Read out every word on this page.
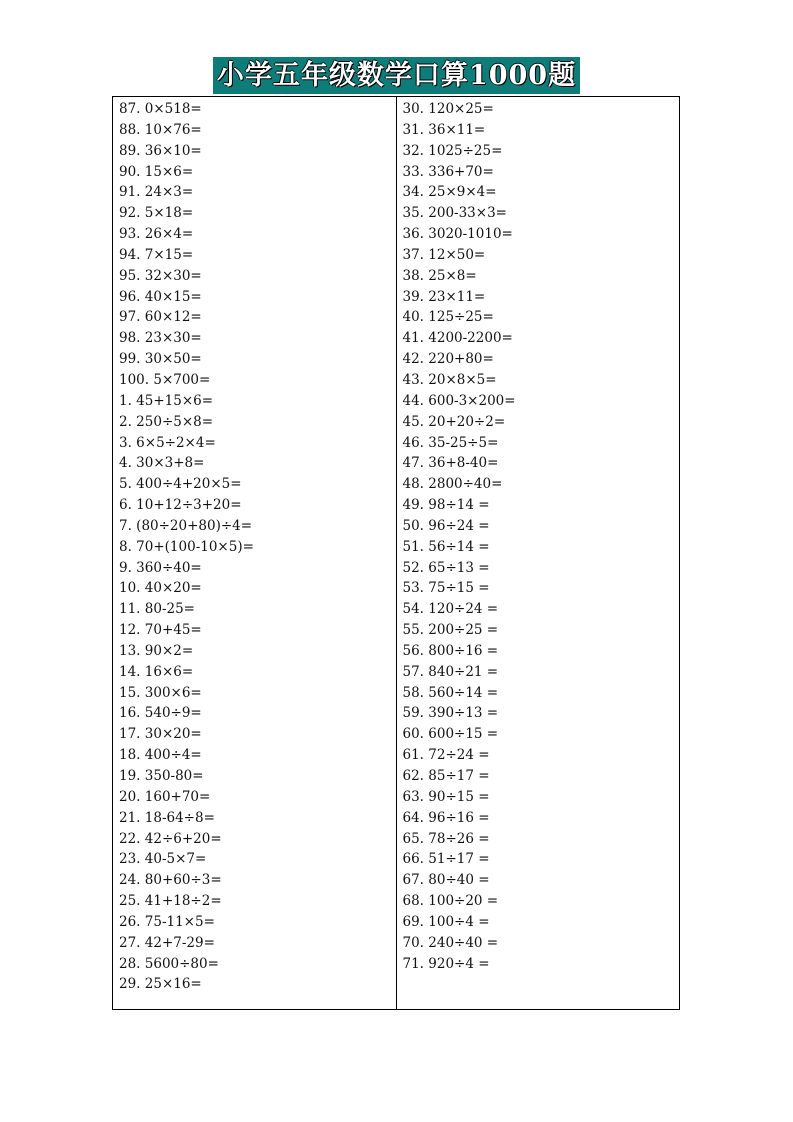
小学五年级数学口算1000题
87. 0×518=
88. 10×76=
89. 36×10=
90. 15×6=
91. 24×3=
92. 5×18=
93. 26×4=
94. 7×15=
95. 32×30=
96. 40×15=
97. 60×12=
98. 23×30=
99. 30×50=
100. 5×700=
1. 45+15×6=
2. 250÷5×8=
3. 6×5÷2×4=
4. 30×3+8=
5. 400÷4+20×5=
6. 10+12÷3+20=
7. (80÷20+80)÷4=
8. 70+(100-10×5)=
9. 360÷40=
10. 40×20=
11. 80-25=
12. 70+45=
13. 90×2=
14. 16×6=
15. 300×6=
16. 540÷9=
17. 30×20=
18. 400÷4=
19. 350-80=
20. 160+70=
21. 18-64÷8=
22. 42÷6+20=
23. 40-5×7=
24. 80+60÷3=
25. 41+18÷2=
26. 75-11×5=
27. 42+7-29=
28. 5600÷80=
29. 25×16=
30. 120×25=
31. 36×11=
32. 1025÷25=
33. 336+70=
34. 25×9×4=
35. 200-33×3=
36. 3020-1010=
37. 12×50=
38. 25×8=
39. 23×11=
40. 125÷25=
41. 4200-2200=
42. 220+80=
43. 20×8×5=
44. 600-3×200=
45. 20+20÷2=
46. 35-25÷5=
47. 36+8-40=
48. 2800÷40=
49. 98÷14 =
50. 96÷24 =
51. 56÷14 =
52. 65÷13 =
53. 75÷15 =
54. 120÷24 =
55. 200÷25 =
56. 800÷16 =
57. 840÷21 =
58. 560÷14 =
59. 390÷13 =
60. 600÷15 =
61. 72÷24 =
62. 85÷17 =
63. 90÷15 =
64. 96÷16 =
65. 78÷26 =
66. 51÷17 =
67. 80÷40 =
68. 100÷20 =
69. 100÷4 =
70. 240÷40 =
71. 920÷4 =
